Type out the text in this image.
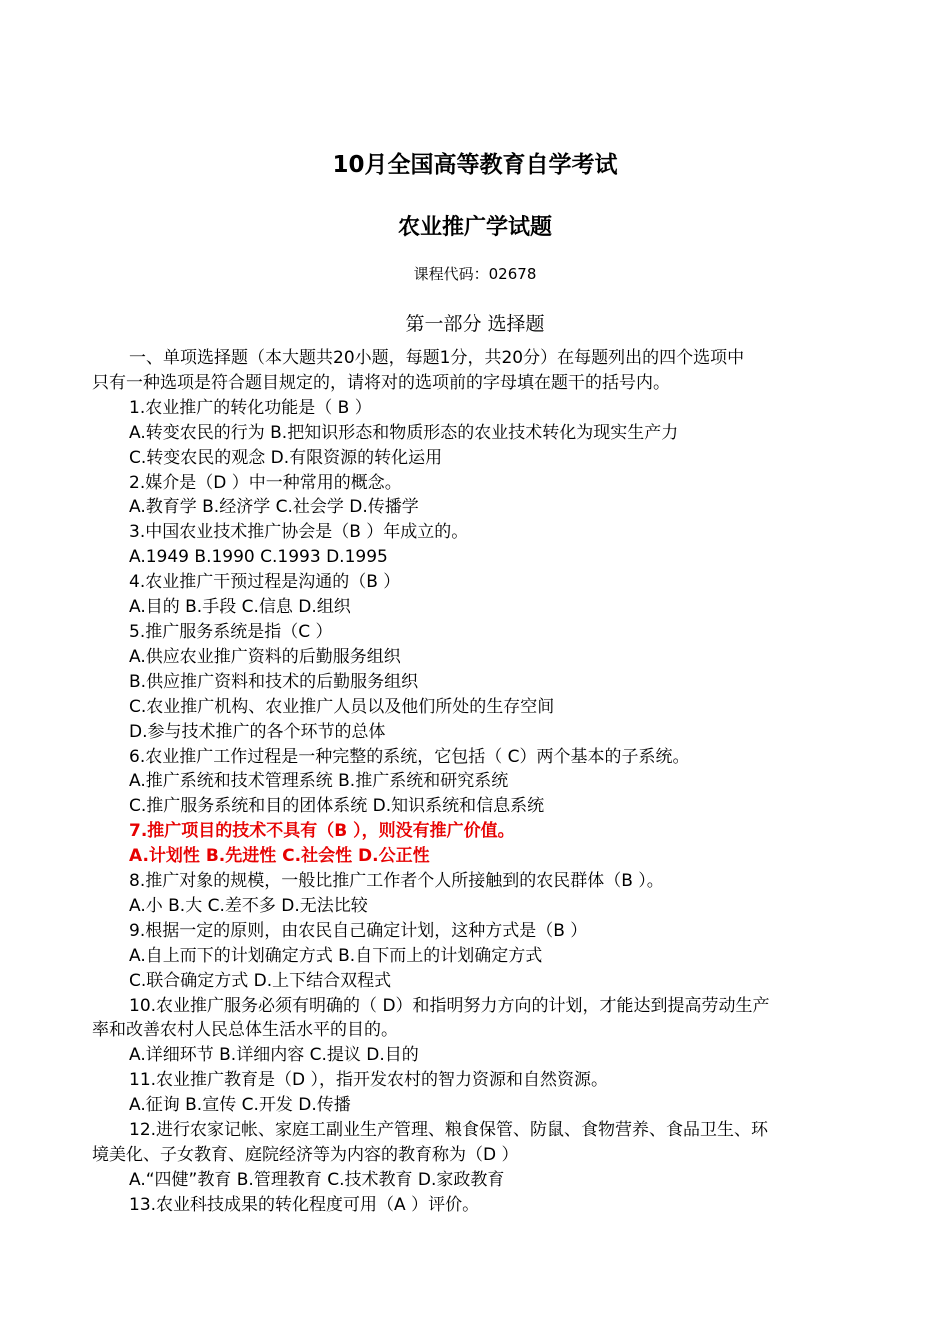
10月全国高等教育自学考试
农业推广学试题
课程代码：02678
第一部分 选择题

一、单项选择题（本大题共20小题，每题1分，共20分）在每题列出的四个选项中

只有一种选项是符合题目规定的，请将对的选项前的字母填在题干的括号内。

1.农业推广的转化功能是（ B ）

A.转变农民的行为 B.把知识形态和物质形态的农业技术转化为现实生产力

C.转变农民的观念 D.有限资源的转化运用

2.媒介是（D ）中一种常用的概念。

A.教育学 B.经济学 C.社会学 D.传播学

3.中国农业技术推广协会是（B ）年成立的。

A.1949 B.1990 C.1993 D.1995

4.农业推广干预过程是沟通的（B ）

A.目的 B.手段 C.信息 D.组织

5.推广服务系统是指（C ）

A.供应农业推广资料的后勤服务组织

B.供应推广资料和技术的后勤服务组织

C.农业推广机构、农业推广人员以及他们所处的生存空间

D.参与技术推广的各个环节的总体

6.农业推广工作过程是一种完整的系统，它包括（ C）两个基本的子系统。

A.推广系统和技术管理系统 B.推广系统和研究系统

C.推广服务系统和目的团体系统 D.知识系统和信息系统

7.推广项目的技术不具有（B ），则没有推广价值。

A.计划性 B.先进性 C.社会性 D.公正性

8.推广对象的规模，一般比推广工作者个人所接触到的农民群体（B ）。

A.小 B.大 C.差不多 D.无法比较

9.根据一定的原则，由农民自己确定计划，这种方式是（B ）

A.自上而下的计划确定方式 B.自下而上的计划确定方式

C.联合确定方式 D.上下结合双程式

10.农业推广服务必须有明确的（ D）和指明努力方向的计划，才能达到提高劳动生产

率和改善农村人民总体生活水平的目的。

A.详细环节 B.详细内容 C.提议 D.目的

11.农业推广教育是（D ），指开发农村的智力资源和自然资源。

A.征询 B.宣传 C.开发 D.传播

12.进行农家记帐、家庭工副业生产管理、粮食保管、防鼠、食物营养、食品卫生、环

境美化、子女教育、庭院经济等为内容的教育称为（D ）

A.“四健”教育 B.管理教育 C.技术教育 D.家政教育

13.农业科技成果的转化程度可用（A ）评价。
